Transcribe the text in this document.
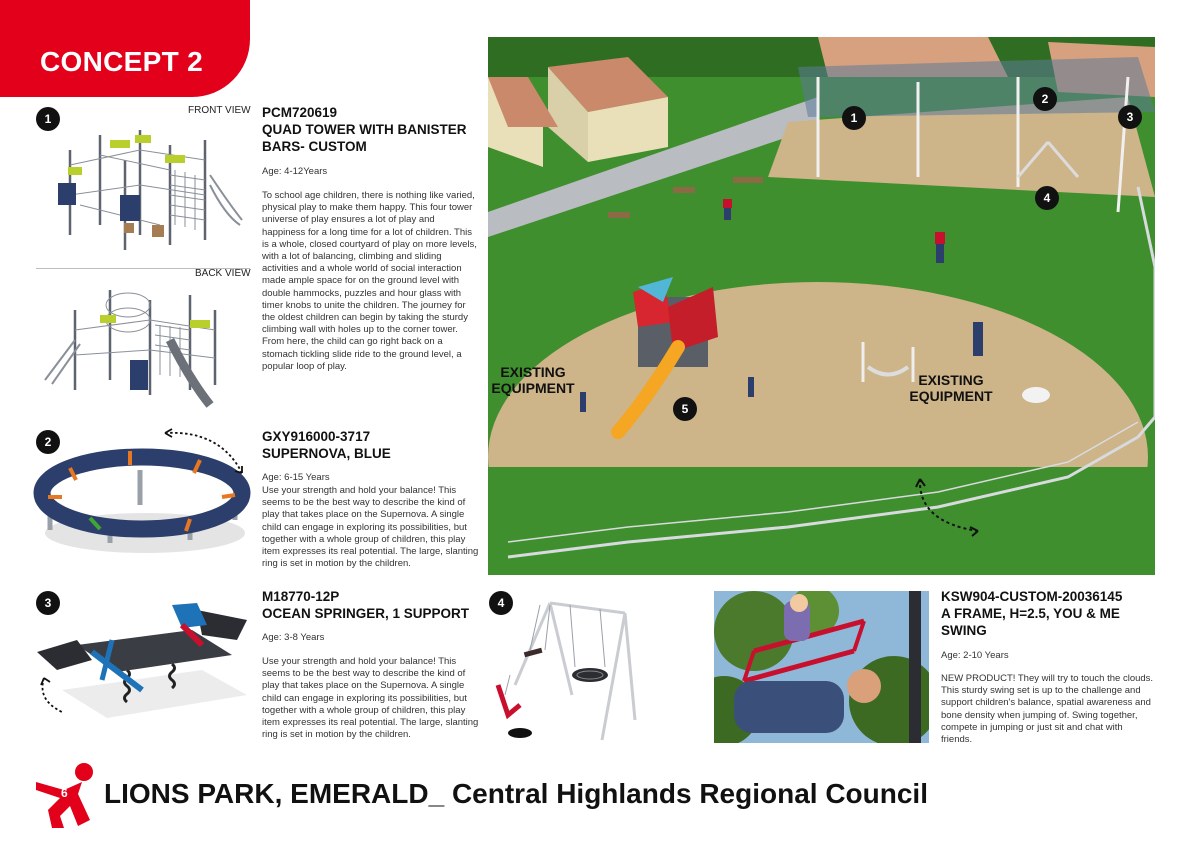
CONCEPT 2
1
FRONT VIEW
BACK VIEW
PCM720619
QUAD TOWER WITH BANISTER BARS- CUSTOM
Age: 4-12Years
To school age children, there is nothing like varied, physical play to make them happy. This four tower universe of play ensures a lot of play and happiness for a long time for a lot of children. This is a whole, closed courtyard of play on more levels, with a lot of balancing, climbing and sliding activities and a whole world of social interaction made ample space for on the ground level with double hammocks, puzzles and hour glass with timer knobs to unite the children. The journey for the oldest children can begin by taking the sturdy climbing wall with holes up to the corner tower. From here, the child can go right back on a stomach tickling slide ride to the ground level, a popular loop of play.
2	GXY916000-3717
SUPERNOVA, BLUE
Age: 6-15 Years
Use your strength and hold your balance! This seems to be the best way to describe the kind of play that takes place on the Supernova. A single child can engage in exploring its possibilities, but together with a whole group of children, this play item expresses its real potential. The large, slanting ring is set in motion by the children.
3	M18770-12P
OCEAN SPRINGER, 1 SUPPORT
Age: 3-8 Years
Use your strength and hold your balance! This seems to be the best way to describe the kind of play that takes place on the Supernova. A single child can engage in exploring its possibilities, but together with a whole group of children, this play item expresses its real potential. The large, slanting ring is set in motion by the children.
1
2
3
4
5
EXISTING EQUIPMENT	EXISTING EQUIPMENT
4	KSW904-CUSTOM-20036145
A FRAME, H=2.5, YOU & ME SWING
Age: 2-10 Years
NEW PRODUCT! They will try to touch the clouds. This sturdy swing set is up to the challenge and support children's balance, spatial awareness and bone density when jumping of. Swing together, compete in jumping or just sit and chat with friends.
6 LIONS PARK, EMERALD_ Central Highlands Regional Council
